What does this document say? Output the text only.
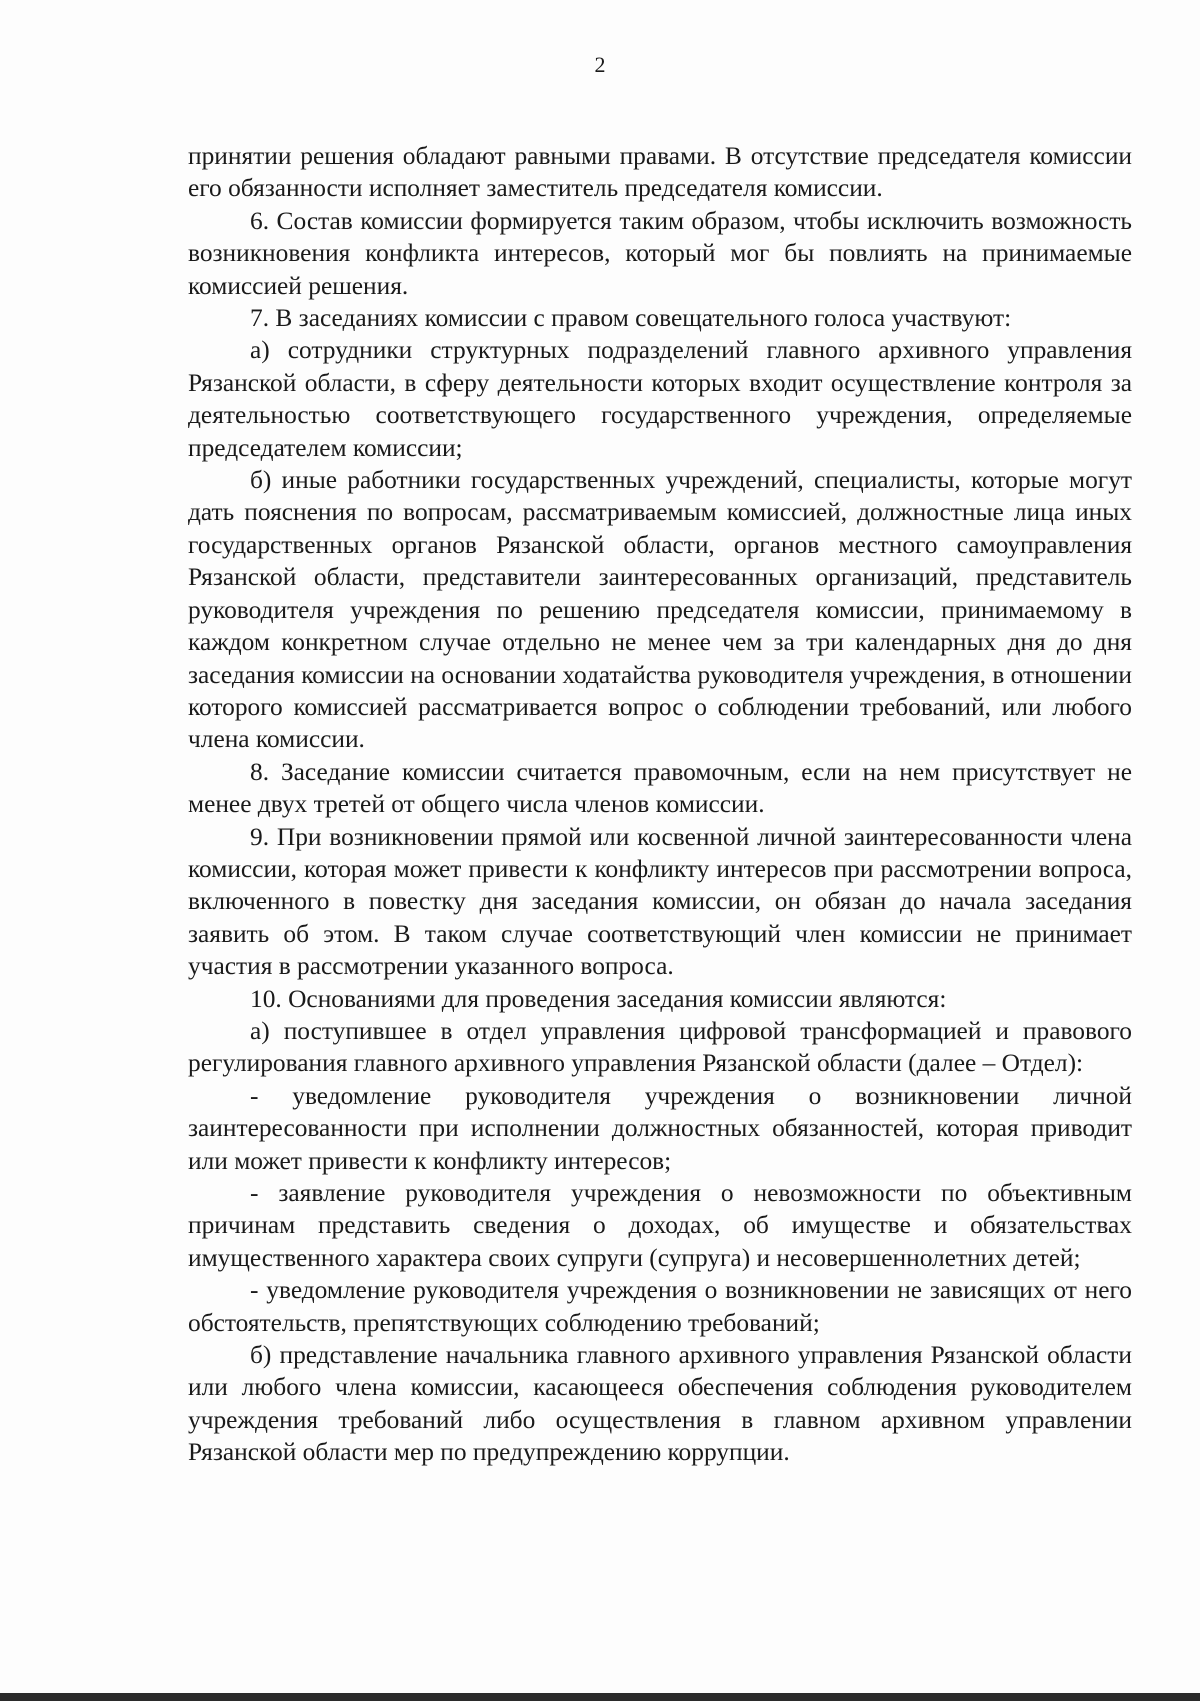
2

принятии решения обладают равными правами. В отсутствие председателя комиссии его обязанности исполняет заместитель председателя комиссии.

6. Состав комиссии формируется таким образом, чтобы исключить возможность возникновения конфликта интересов, который мог бы повлиять на принимаемые комиссией решения.

7. В заседаниях комиссии с правом совещательного голоса участвуют:

а) сотрудники структурных подразделений главного архивного управления Рязанской области, в сферу деятельности которых входит осуществление контроля за деятельностью соответствующего государственного учреждения, определяемые председателем комиссии;

б) иные работники государственных учреждений, специалисты, которые могут дать пояснения по вопросам, рассматриваемым комиссией, должностные лица иных государственных органов Рязанской области, органов местного самоуправления Рязанской области, представители заинтересованных организаций, представитель руководителя учреждения по решению председателя комиссии, принимаемому в каждом конкретном случае отдельно не менее чем за три календарных дня до дня заседания комиссии на основании ходатайства руководителя учреждения, в отношении которого комиссией рассматривается вопрос о соблюдении требований, или любого члена комиссии.

8. Заседание комиссии считается правомочным, если на нем присутствует не менее двух третей от общего числа членов комиссии.

9. При возникновении прямой или косвенной личной заинтересованности члена комиссии, которая может привести к конфликту интересов при рассмотрении вопроса, включенного в повестку дня заседания комиссии, он обязан до начала заседания заявить об этом. В таком случае соответствующий член комиссии не принимает участия в рассмотрении указанного вопроса.

10. Основаниями для проведения заседания комиссии являются:

а) поступившее в отдел управления цифровой трансформацией и правового регулирования главного архивного управления Рязанской области (далее – Отдел):

- уведомление руководителя учреждения о возникновении личной заинтересованности при исполнении должностных обязанностей, которая приводит или может привести к конфликту интересов;

- заявление руководителя учреждения о невозможности по объективным причинам представить сведения о доходах, об имуществе и обязательствах имущественного характера своих супруги (супруга) и несовершеннолетних детей;

- уведомление руководителя учреждения о возникновении не зависящих от него обстоятельств, препятствующих соблюдению требований;

б) представление начальника главного архивного управления Рязанской области или любого члена комиссии, касающееся обеспечения соблюдения руководителем учреждения требований либо осуществления в главном архивном управлении Рязанской области мер по предупреждению коррупции.
